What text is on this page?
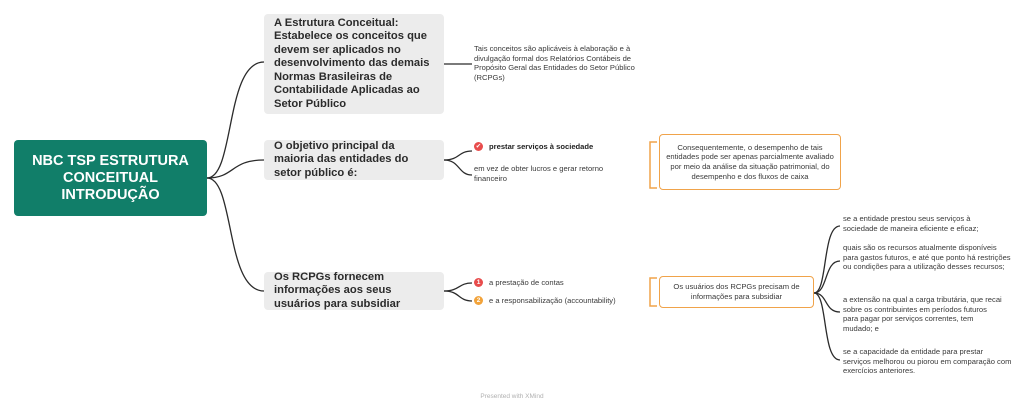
NBC TSP ESTRUTURA CONCEITUAL INTRODUÇÃO
A Estrutura Conceitual: Estabelece os conceitos que devem ser aplicados no desenvolvimento das demais Normas Brasileiras de Contabilidade Aplicadas ao Setor Público
Tais conceitos são aplicáveis à elaboração e à divulgação formal dos Relatórios Contábeis de Propósito Geral das Entidades do Setor Público (RCPGs)
O objetivo principal da maioria das entidades do setor público é:
✔ prestar serviços à sociedade
em vez de obter lucros e gerar retorno financeiro
Consequentemente, o desempenho de tais entidades pode ser apenas parcialmente avaliado por meio da análise da situação patrimonial, do desempenho e dos fluxos de caixa
Os RCPGs fornecem informações aos seus usuários para subsidiar
1	a prestação de contas
2	e a responsabilização (accountability)
Os usuários dos RCPGs precisam de informações para subsidiar
se a entidade prestou seus serviços à sociedade de maneira eficiente e eficaz;
quais são os recursos atualmente disponíveis para gastos futuros, e até que ponto há restrições ou condições para a utilização desses recursos;
a extensão na qual a carga tributária, que recai sobre os contribuintes em períodos futuros para pagar por serviços correntes, tem mudado; e
se a capacidade da entidade para prestar serviços melhorou ou piorou em comparação com exercícios anteriores.
Presented with XMind
